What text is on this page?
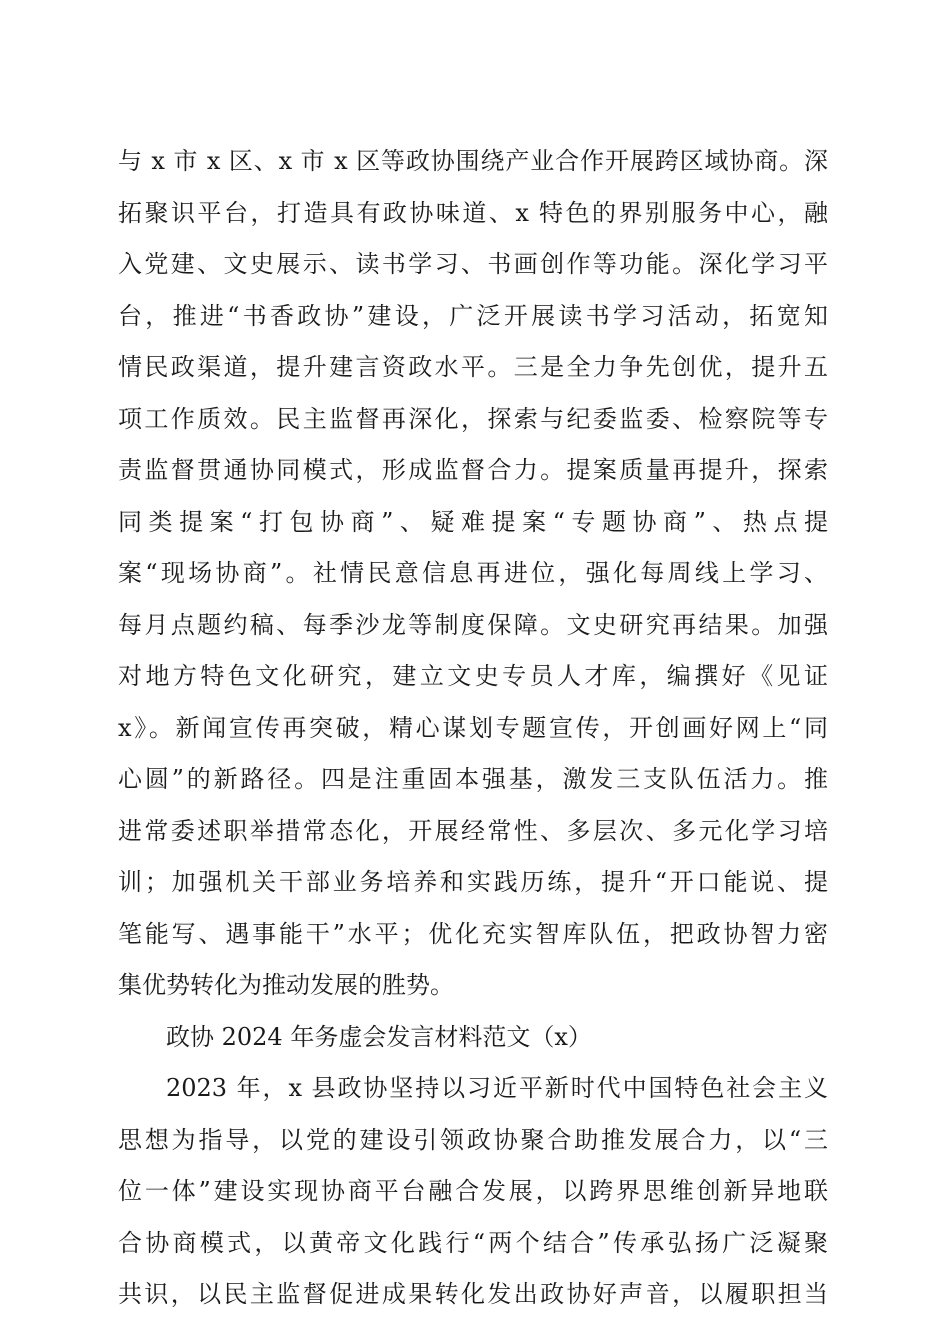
与 x 市 x 区、x 市 x 区等政协围绕产业合作开展跨区域协商。深
拓聚识平台，打造具有政协味道、x 特色的界别服务中心，融
入党建、文史展示、读书学习、书画创作等功能。深化学习平
台，推进“书香政协”建设，广泛开展读书学习活动，拓宽知
情民政渠道，提升建言资政水平。三是全力争先创优，提升五
项工作质效。民主监督再深化，探索与纪委监委、检察院等专
责监督贯通协同模式，形成监督合力。提案质量再提升，探索
同类提案“打包协商”、疑难提案“专题协商”、热点提
案“现场协商”。社情民意信息再进位，强化每周线上学习、
每月点题约稿、每季沙龙等制度保障。文史研究再结果。加强
对地方特色文化研究，建立文史专员人才库，编撰好《见证
x》。新闻宣传再突破，精心谋划专题宣传，开创画好网上“同
心圆”的新路径。四是注重固本强基，激发三支队伍活力。推
进常委述职举措常态化，开展经常性、多层次、多元化学习培
训；加强机关干部业务培养和实践历练，提升“开口能说、提
笔能写、遇事能干”水平；优化充实智库队伍，把政协智力密
集优势转化为推动发展的胜势。
政协 2024 年务虚会发言材料范文（x）
2023 年，x 县政协坚持以习近平新时代中国特色社会主义
思想为指导，以党的建设引领政协聚合助推发展合力，以“三
位一体”建设实现协商平台融合发展，以跨界思维创新异地联
合协商模式，以黄帝文化践行“两个结合”传承弘扬广泛凝聚
共识，以民主监督促进成果转化发出政协好声音，以履职担当
